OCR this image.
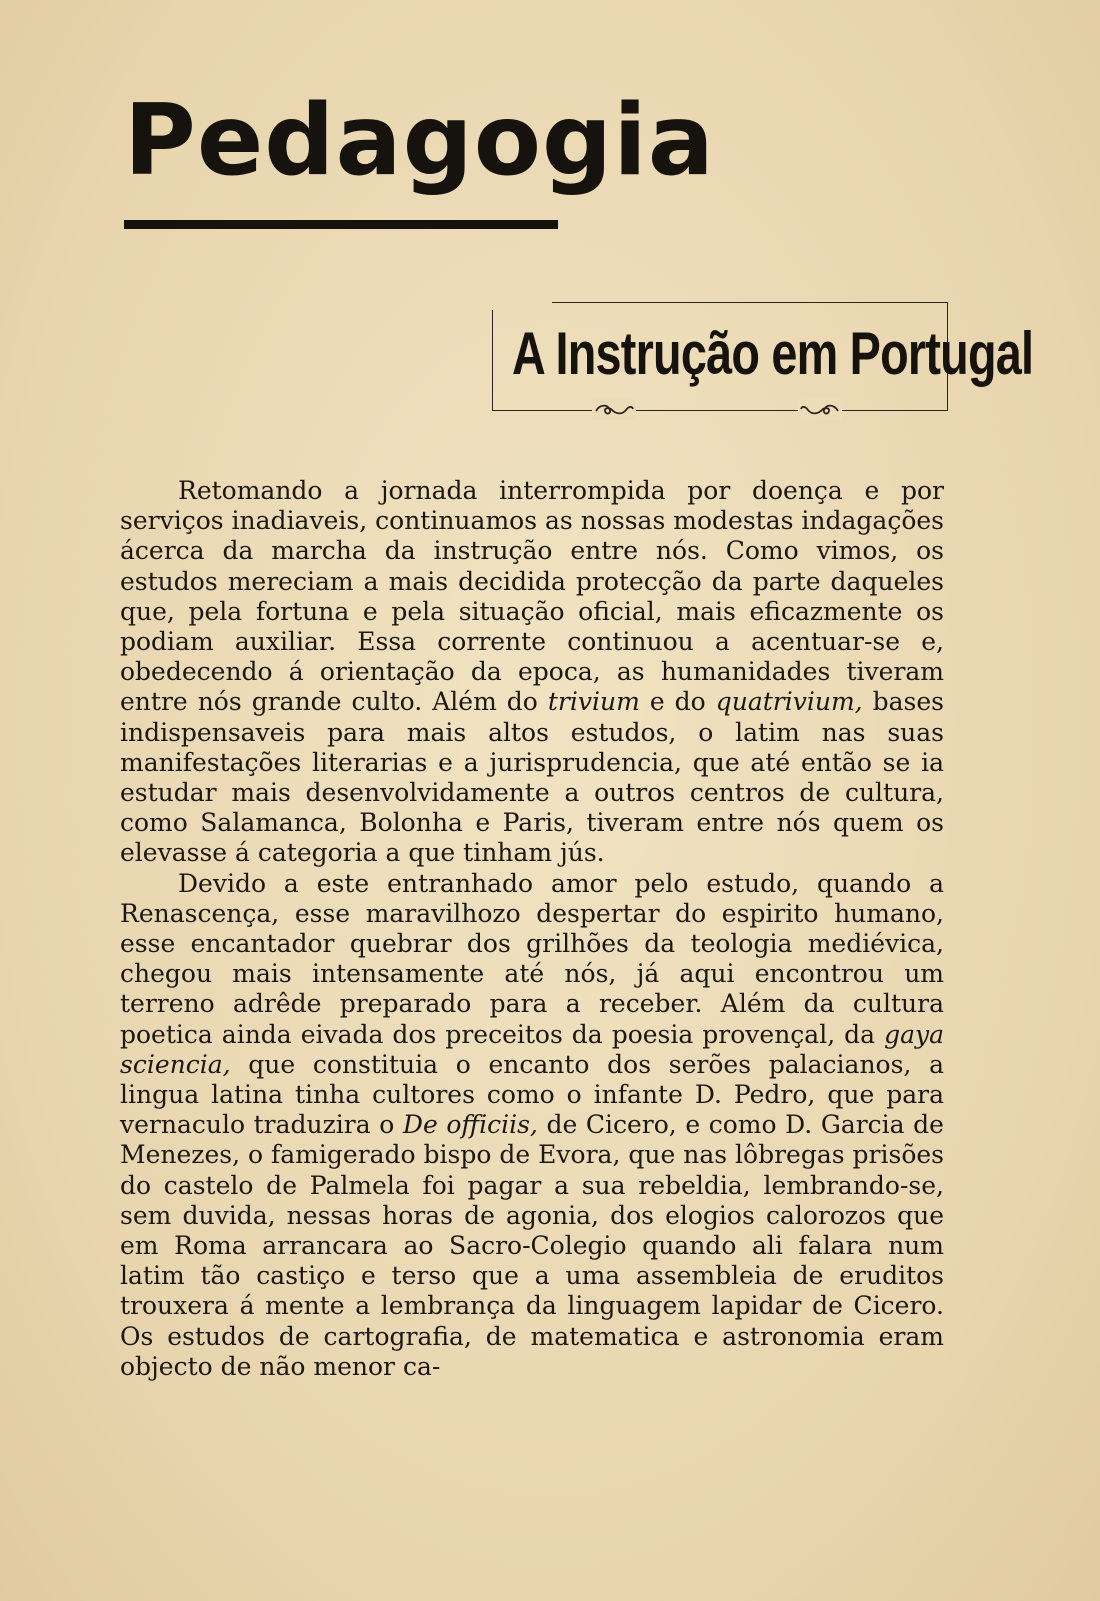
Pedagogia
A Instrução em Portugal

Retomando a jornada interrompida por doença e por serviços inadiaveis, continuamos as nossas modestas indagações ácerca da marcha da instrução entre nós. Como vimos, os estudos mereciam a mais decidida protecção da parte daqueles que, pela fortuna e pela situação oficial, mais eficazmente os podiam auxiliar. Essa corrente continuou a acentuar-se e, obedecendo á orientação da epoca, as humanidades tiveram entre nós grande culto. Além do trivium e do quatrivium, bases indispensaveis para mais altos estudos, o latim nas suas manifestações literarias e a jurisprudencia, que até então se ia estudar mais desenvolvidamente a outros centros de cultura, como Salamanca, Bolonha e Paris, tiveram entre nós quem os elevasse á categoria a que tinham jús.

Devido a este entranhado amor pelo estudo, quando a Renascença, esse maravilhozo despertar do espirito humano, esse encantador quebrar dos grilhões da teologia mediévica, chegou mais intensamente até nós, já aqui encontrou um terreno adrêde preparado para a receber. Além da cultura poetica ainda eivada dos preceitos da poesia provençal, da gaya sciencia, que constituia o encanto dos serões palacianos, a lingua latina tinha cultores como o infante D. Pedro, que para vernaculo traduzira o De officiis, de Cicero, e como D. Garcia de Menezes, o famigerado bispo de Evora, que nas lôbregas prisões do castelo de Palmela foi pagar a sua rebeldia, lembrando-se, sem duvida, nessas horas de agonia, dos elogios calorozos que em Roma arrancara ao Sacro-Colegio quando ali falara num latim tão castiço e terso que a uma assembleia de eruditos trouxera á mente a lembrança da linguagem lapidar de Cicero. Os estudos de cartografia, de matematica e astronomia eram objecto de não menor ca-
